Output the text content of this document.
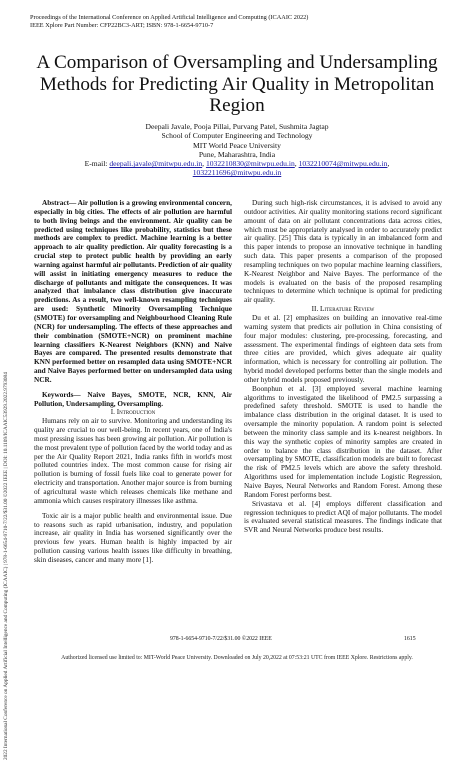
Proceedings of the International Conference on Applied Artificial Intelligence and Computing (ICAAIC 2022)
IEEE Xplore Part Number: CFP22BC3-ART; ISBN: 978-1-6654-9710-7
2022 International Conference on Applied Artificial Intelligence and Computing (ICAAIC) | 978-1-6654-9710-7/22/$31.00 ©2022 IEEE | DOI: 10.1109/ICAAIC53929.2022.9793084
A Comparison of Oversampling and Undersampling Methods for Predicting Air Quality in Metropolitan Region
Deepali Javale, Pooja Pillai, Purvang Patel, Sushmita Jagtap
School of Computer Engineering and Technology
MIT World Peace University
Pune, Maharashtra, India
E-mail: deepali.javale@mitwpu.edu.in, 1032210830@mitwpu.edu.in, 1032210074@mitwpu.edu.in,
1032211696@mitwpu.edu.in

Abstract— Air pollution is a growing environmental concern, especially in big cities. The effects of air pollution are harmful to both living beings and the environment. Air quality can be predicted using techniques like probability, statistics but these methods are complex to predict. Machine learning is a better approach to air quality prediction. Air quality forecasting is a crucial step to protect public health by providing an early warning against harmful air pollutants. Prediction of air quality will assist in initiating emergency measures to reduce the discharge of pollutants and mitigate the consequences. It was analyzed that imbalance class distribution give inaccurate predictions. As a result, two well-known resampling techniques are used: Synthetic Minority Oversampling Technique (SMOTE) for oversampling and Neighbourhood Cleaning Rule (NCR) for undersampling. The effects of these approaches and their combination (SMOTE+NCR) on prominent machine learning classifiers K-Nearest Neighbors (KNN) and Naive Bayes are compared. The presented results demonstrate that KNN performed better on resampled data using SMOTE+NCR and Naive Bayes performed better on undersampled data using NCR.

Keywords— Naive Bayes, SMOTE, NCR, KNN, Air Pollution, Undersampling, Oversampling.

I. Introduction

Humans rely on air to survive. Monitoring and understanding its quality are crucial to our well-being. In recent years, one of India's most pressing issues has been growing air pollution. Air pollution is the most prevalent type of pollution faced by the world today and as per the Air Quality Report 2021, India ranks fifth in world's most polluted countries index. The most common cause for rising air pollution is burning of fossil fuels like coal to generate power for electricity and transportation. Another major source is from burning of agricultural waste which releases chemicals like methane and ammonia which causes respiratory illnesses like asthma.

Toxic air is a major public health and environmental issue. Due to reasons such as rapid urbanisation, industry, and population increase, air quality in India has worsened significantly over the previous few years. Human health is highly impacted by air pollution causing various health issues like difficulty in breathing, skin diseases, cancer and many more [1].

During such high-risk circumstances, it is advised to avoid any outdoor activities. Air quality monitoring stations record significant amount of data on air pollutant concentrations data across cities, which must be appropriately analysed in order to accurately predict air quality. [25] This data is typically in an imbalanced form and this paper intends to propose an innovative technique in handling such data. This paper presents a comparison of the proposed resampling techniques on two popular machine learning classifiers, K-Nearest Neighbor and Naive Bayes. The performance of the models is evaluated on the basis of the proposed resampling techniques to determine which technique is optimal for predicting air quality.

II. Literature Review

Du et al. [2] emphasizes on building an innovative real-time warning system that predicts air pollution in China consisting of four major modules: clustering, pre-processing, forecasting, and assessment. The experimental findings of eighteen data sets from three cities are provided, which gives adequate air quality information, which is necessary for controlling air pollution. The hybrid model developed performs better than the single models and other hybrid models proposed previously.

Boonphun et al. [3] employed several machine learning algorithms to investigated the likelihood of PM2.5 surpassing a predefined safety threshold. SMOTE is used to handle the imbalance class distribution in the original dataset. It is used to oversample the minority population. A random point is selected between the minority class sample and its k-nearest neighbors. In this way the synthetic copies of minority samples are created in order to balance the class distribution in the dataset. After oversampling by SMOTE, classification models are built to forecast the risk of PM2.5 levels which are above the safety threshold. Algorithms used for implementation include Logistic Regression, Naive Bayes, Neural Networks and Random Forest. Among these Random Forest performs best.

Srivastava et al. [4] employs different classification and regression techniques to predict AQI of major pollutants. The model is evaluated several statistical measures. The findings indicate that SVR and Neural Networks produce best results.

978-1-6654-9710-7/22/$31.00 ©2022 IEEE	1615
Authorized licensed use limited to: MIT-World Peace University. Downloaded on July 20,2022 at 07:53:21 UTC from IEEE Xplore. Restrictions apply.
